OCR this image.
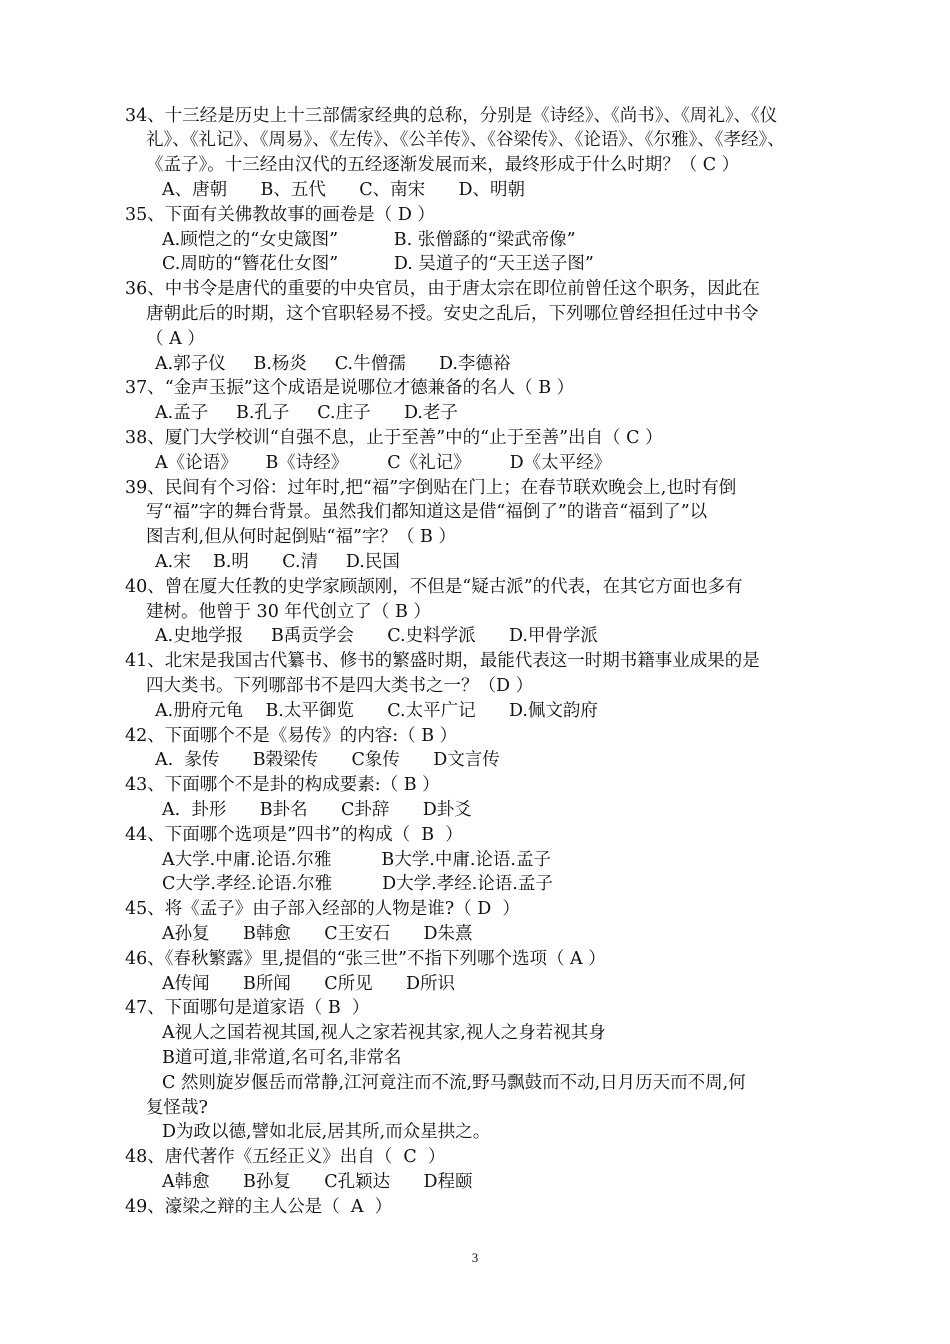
34、十三经是历史上十三部儒家经典的总称，分别是《诗经》、《尚书》、《周礼》、《仪
礼》、《礼记》、《周易》、《左传》、《公羊传》、《谷梁传》、《论语》、《尔雅》、《孝经》、
《孟子》。十三经由汉代的五经逐渐发展而来，最终形成于什么时期？（ C ）
A、唐朝      B、五代      C、南宋      D、明朝
35、下面有关佛教故事的画卷是（ D ）
A.顾恺之的“女史箴图”          B. 张僧繇的“梁武帝像”
C.周昉的“簪花仕女图”          D. 吴道子的“天王送子图”
36、中书令是唐代的重要的中央官员，由于唐太宗在即位前曾任这个职务，因此在
唐朝此后的时期，这个官职轻易不授。安史之乱后，下列哪位曾经担任过中书令
（ A ）
A.郭子仪     B.杨炎     C.牛僧孺      D.李德裕
37、“金声玉振”这个成语是说哪位才德兼备的名人（ B ）
A.孟子     B.孔子     C.庄子      D.老子
38、厦门大学校训“自强不息，止于至善”中的“止于至善”出自（ C ）
A《论语》     B《诗经》       C《礼记》       D《太平经》
39、民间有个习俗：过年时,把“福”字倒贴在门上；在春节联欢晚会上,也时有倒
写“福”字的舞台背景。虽然我们都知道这是借“福倒了”的谐音“福到了”以
图吉利,但从何时起倒贴“福”字？（ B ）
A.宋    B.明      C.清     D.民国
40、曾在厦大任教的史学家顾颉刚，不但是“疑古派”的代表，在其它方面也多有
建树。他曾于 30 年代创立了（ B ）
A.史地学报     B禹贡学会      C.史料学派      D.甲骨学派
41、北宋是我国古代纂书、修书的繁盛时期，最能代表这一时期书籍事业成果的是
四大类书。下列哪部书不是四大类书之一？（D ）
A.册府元龟    B.太平御览      C.太平广记      D.佩文韵府
42、下面哪个不是《易传》的内容:（ B ）
A.  彖传      B榖梁传      C象传      D文言传
43、下面哪个不是卦的构成要素:（ B ）
A.  卦形      B卦名      C卦辞      D卦爻
44、下面哪个选项是”四书”的构成（  B  ）
A大学.中庸.论语.尔雅         B大学.中庸.论语.孟子
C大学.孝经.论语.尔雅         D大学.孝经.论语.孟子
45、将《孟子》由子部入经部的人物是谁?（ D  ）
A孙复      B韩愈      C王安石      D朱熹
46、《春秋繁露》里,提倡的“张三世”不指下列哪个选项（ A ）
A传闻      B所闻      C所见      D所识
47、下面哪句是道家语（ B  ）
A视人之国若视其国,视人之家若视其家,视人之身若视其身
B道可道,非常道,名可名,非常名
C 然则旋岁偃岳而常静,江河竟注而不流,野马飘鼓而不动,日月历天而不周,何
复怪哉?
D为政以德,譬如北辰,居其所,而众星拱之。
48、唐代著作《五经正义》出自（  C  ）
A韩愈      B孙复      C孔颖达      D程颐
49、濠梁之辩的主人公是（  A  ）
3
